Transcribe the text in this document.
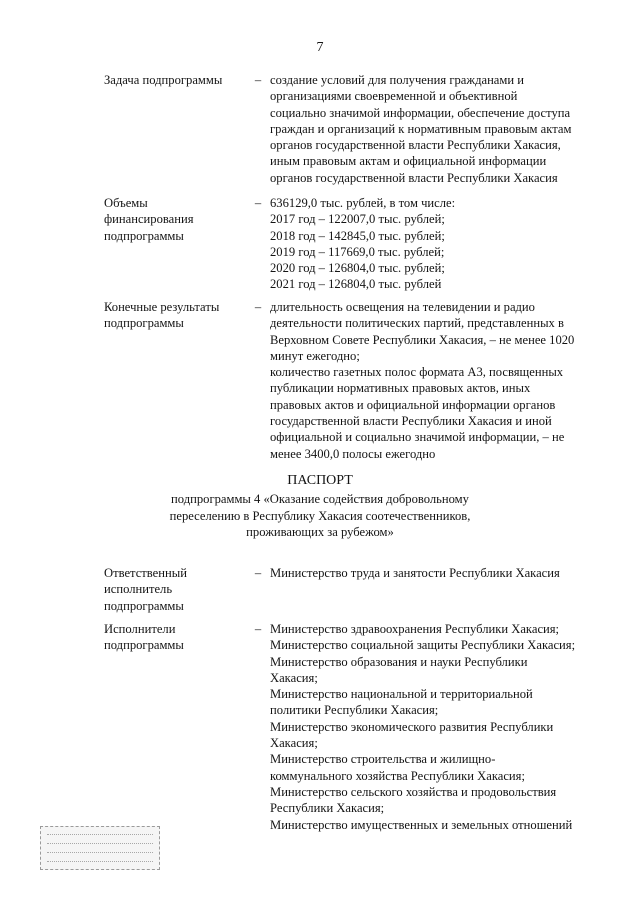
7
Задача подпрограммы	– создание условий для получения гражданами и
организациями своевременной и объективной
социально значимой информации, обеспечение доступа
граждан и организаций к нормативным правовым актам
органов государственной власти Республики Хакасия,
иным правовым актам и официальной информации
органов государственной власти Республики Хакасия
Объемы
финансирования
подпрограммы
– 636129,0 тыс. рублей, в том числе:
2017 год – 122007,0 тыс. рублей;
2018 год – 142845,0 тыс. рублей;
2019 год – 117669,0 тыс. рублей;
2020 год – 126804,0 тыс. рублей;
2021 год – 126804,0 тыс. рублей
Конечные результаты
подпрограммы
– длительность освещения на телевидении и радио
деятельности политических партий, представленных в
Верховном Совете Республики Хакасия, – не менее 1020
минут ежегодно;
количество газетных полос формата А3, посвященных
публикации нормативных правовых актов, иных
правовых актов и официальной информации органов
государственной власти Республики Хакасия и иной
официальной и социально значимой информации, – не
менее 3400,0 полосы ежегодно
ПАСПОРТ
подпрограммы 4 «Оказание содействия добровольному
переселению в Республику Хакасия соотечественников,
проживающих за рубежом»
Ответственный
исполнитель
подпрограммы
– Министерство труда и занятости Республики Хакасия
Исполнители
подпрограммы
– Министерство здравоохранения Республики Хакасия;
Министерство социальной защиты Республики Хакасия;
Министерство образования и науки Республики
Хакасия;
Министерство национальной и территориальной
политики Республики Хакасия;
Министерство экономического развития Республики
Хакасия;
Министерство строительства и жилищно-
коммунального хозяйства Республики Хакасия;
Министерство сельского хозяйства и продовольствия
Республики Хакасия;
Министерство имущественных и земельных отношений
